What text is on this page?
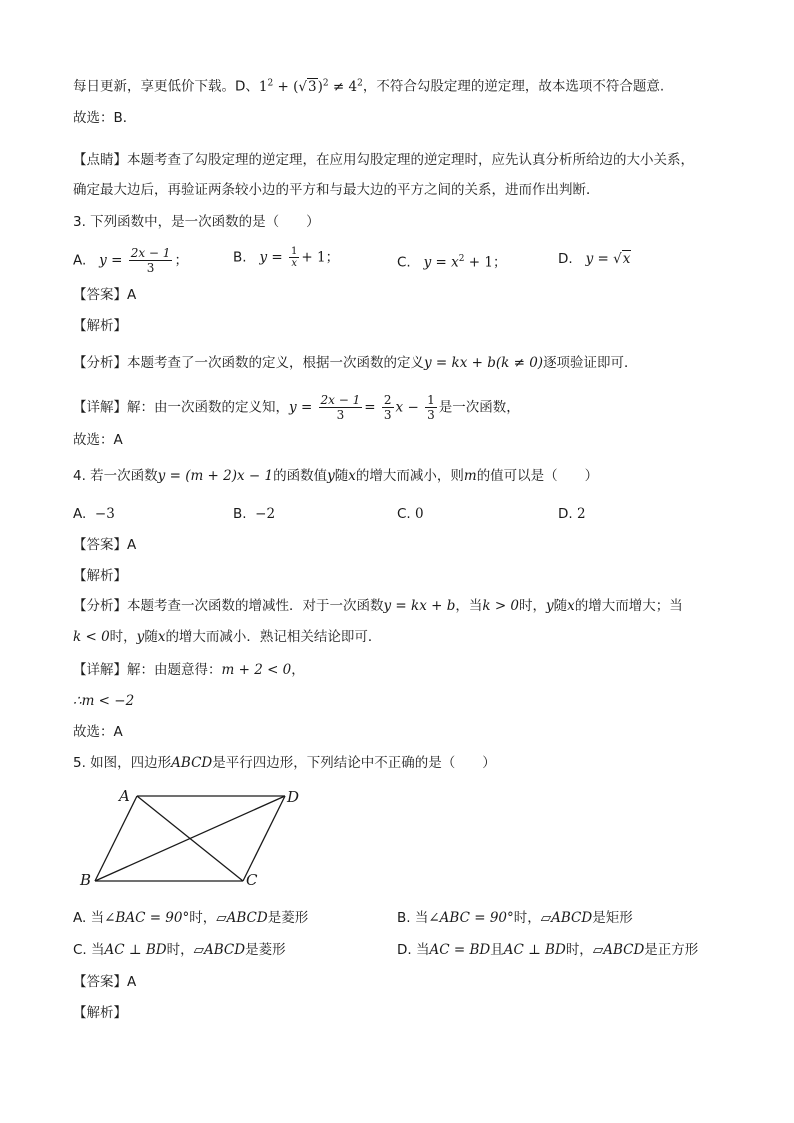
每日更新，享更低价下载。D、$1^2 + (√3)^2 \ne 4^2$，不符合勾股定理的逆定理，故本选项不符合题意.
故选：B．
【点睛】本题考查了勾股定理的逆定理，在应用勾股定理的逆定理时，应先认真分析所给边的大小关系，
确定最大边后，再验证两条较小边的平方和与最大边的平方之间的关系，进而作出判断．
3. 下列函数中，是一次函数的是（　　）
A. $y = \frac{2x - 1}{3}$ ；	B. $y = \frac{1}{x} + 1$；	C. $y = x^2 + 1$；	D. y = √x
【答案】A
【解析】
【分析】本题考查了一次函数的定义，根据一次函数的定义y = kx + b(k ≠ 0)逐项验证即可．
【详解】解：由一次函数的定义知，$y = \frac{2x - 1}{3} = \frac{2}{3}$ $x - \frac{1}{3}$ 是一次函数，
故选：A
4. 若一次函数y = (m + 2)x − 1的函数值y随x的增大而减小，则m的值可以是（　　）
A. −3	B. −2	C. 0	D. 2
【答案】A
【解析】
【分析】本题考查一次函数的增减性．对于一次函数y = kx + b，当k > 0时，y随x的增大而增大；当
k < 0时，y随x的增大而减小．熟记相关结论即可．
【详解】解：由题意得：m + 2 < 0，
∴m < −2
故选：A
5. 如图，四边形ABCD是平行四边形，下列结论中不正确的是（　　）
A	D
B	C
A. 当∠BAC = 90°时，▱ABCD是菱形	B. 当∠ABC = 90°时，▱ABCD是矩形
C. 当AC ⊥ BD时，▱ABCD是菱形	D. 当AC = BD且AC ⊥ BD时，▱ABCD是正方形
【答案】A
【解析】
